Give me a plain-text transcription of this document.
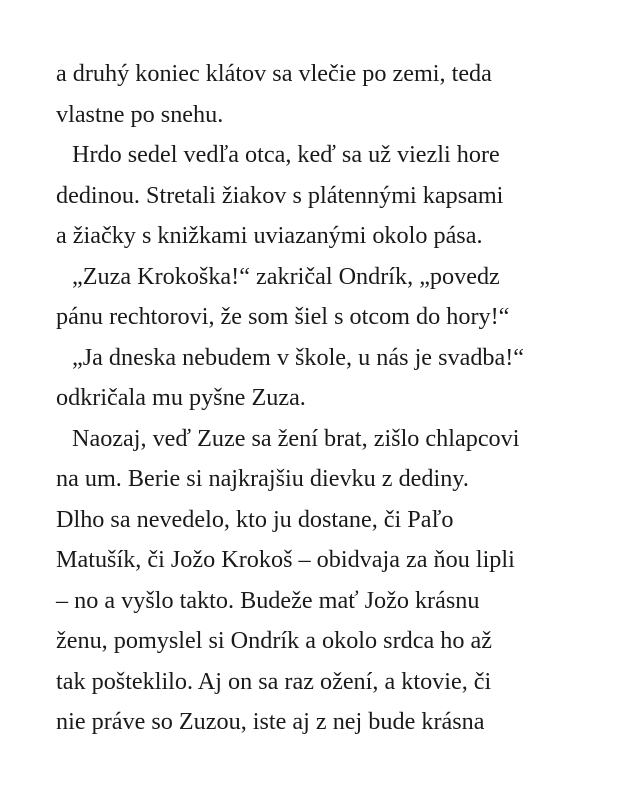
a druhý koniec klátov sa vlečie po zemi, teda
vlastne po snehu.
Hrdo sedel vedľa otca, keď sa už viezli hore
dedinou. Stretali žiakov s plátennými kapsami
a žiačky s knižkami uviazanými okolo pása.
„Zuza Krokoška!“ zakričal Ondrík, „povedz
pánu rechtorovi, že som šiel s otcom do hory!“
„Ja dneska nebudem v škole, u nás je svadba!“
odkričala mu pyšne Zuza.
Naozaj, veď Zuze sa žení brat, zišlo chlapcovi
na um. Berie si najkrajšiu dievku z dediny.
Dlho sa nevedelo, kto ju dostane, či Paľo
Matušík, či Jožo Krokoš – obidvaja za ňou lipli
– no a vyšlo takto. Budeže mať Jožo krásnu
ženu, pomyslel si Ondrík a okolo srdca ho až
tak pošteklilo. Aj on sa raz ožení, a ktovie, či
nie práve so Zuzou, iste aj z nej bude krásna
